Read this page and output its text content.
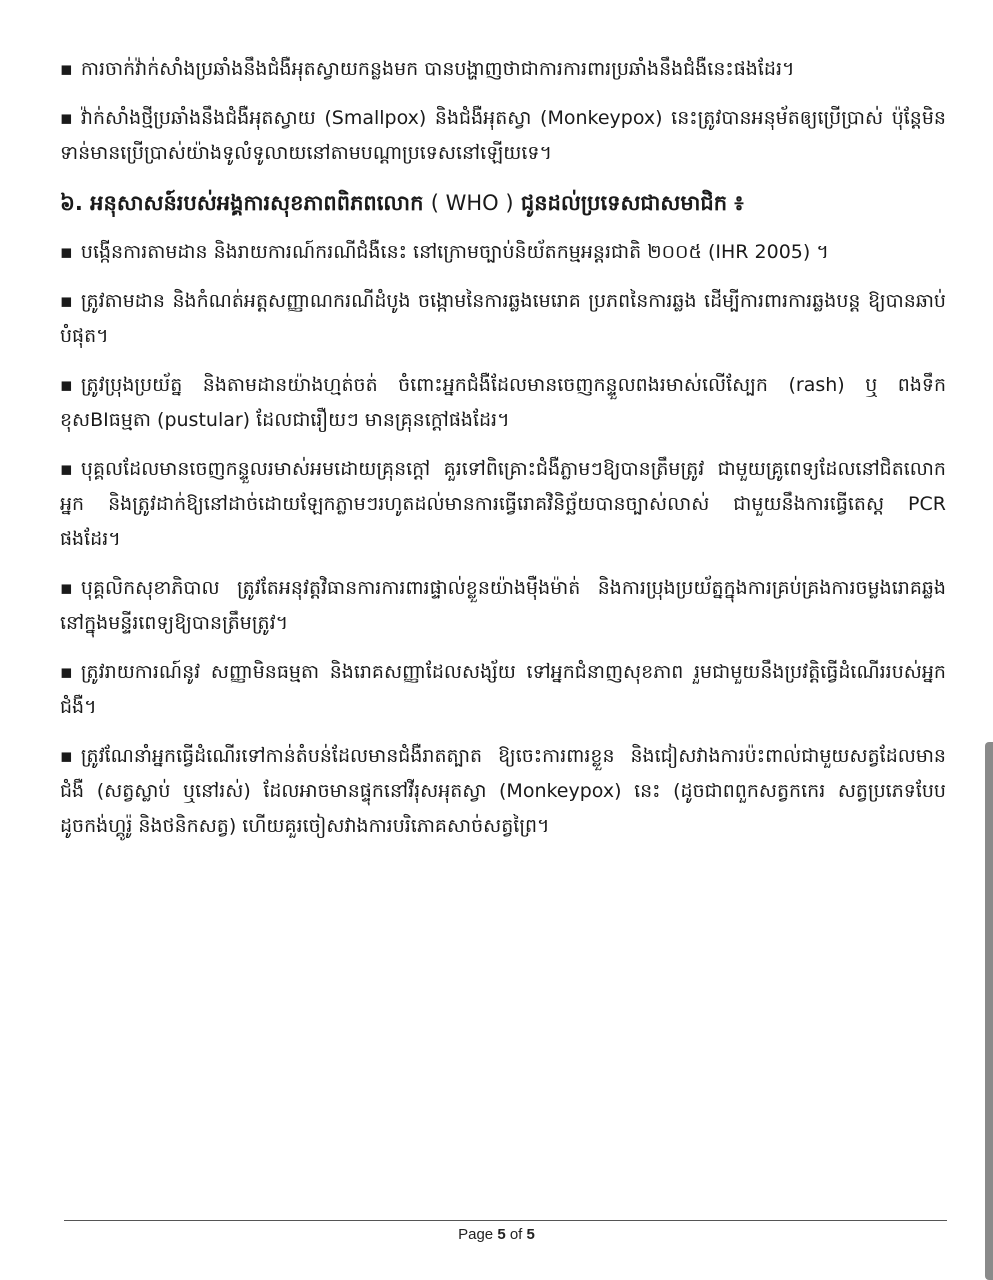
▪ ការចាក់វ៉ាក់សាំងប្រឆាំងនឹងជំងឺអុតស្វាយកន្លងមក បានបង្ហាញថាជាការការពារប្រឆាំងនឹងជំងឺនេះផងដែរ។

▪ វ៉ាក់សាំងថ្មីប្រឆាំងនឹងជំងឺអុតស្វាយ (Smallpox) និងជំងឺអុតស្វា (Monkeypox) នេះត្រូវបានអនុម័តឲ្យប្រើប្រាស់ ប៉ុន្តែមិនទាន់មានប្រើប្រាស់យ៉ាងទូលំទូលាយនៅតាមបណ្តាប្រទេសនៅឡើយទេ។

៦. អនុសាសន៍របស់អង្គការសុខភាពពិភពលោក ( WHO ) ជូនដល់ប្រទេសជាសមាជិក ៖

▪ បង្កើនការតាមដាន និងរាយការណ៍ករណីជំងឺនេះ នៅក្រោមច្បាប់និយ័តកម្មអន្តរជាតិ ២០០៥ (IHR 2005) ។

▪ ត្រូវតាមដាន និងកំណត់អត្តសញ្ញាណករណីដំបូង ចង្កោមនៃការឆ្លងមេរោគ ប្រភពនៃការឆ្លង ដើម្បីការពារការឆ្លងបន្ត ឱ្យបានឆាប់បំផុត។

▪ ត្រូវប្រុងប្រយ័ត្ន និងតាមដានយ៉ាងហ្មត់ចត់ ចំពោះអ្នកជំងឺដែលមានចេញកន្ទួលពងរមាស់លើស្បែក (rash) ឬ ពងទឹកខុសBIធម្មតា (pustular) ដែលជារឿយៗ មានគ្រុនក្តៅផងដែរ។

▪ បុគ្គលដែលមានចេញកន្ទួលរមាស់អមដោយគ្រុនក្តៅ គួរទៅពិគ្រោះជំងឺភ្លាមៗឱ្យបានត្រឹមត្រូវ ជាមួយគ្រូពេទ្យដែលនៅជិតលោកអ្នក និងត្រូវដាក់ឱ្យនៅដាច់ដោយឡែកភ្លាមៗរហូតដល់មានការធ្វើរោគវិនិច្ឆ័យបានច្បាស់លាស់ ជាមួយនឹងការធ្វើតេស្ត PCR ផងដែរ។

▪ បុគ្គលិកសុខាភិបាល ត្រូវតែអនុវត្តវិធានការការពារផ្ទាល់ខ្លួនយ៉ាងម៉ឺងម៉ាត់ និងការប្រុងប្រយ័ត្នក្នុងការគ្រប់គ្រងការចម្លងរោគឆ្លងនៅក្នុងមន្ទីរពេទ្យឱ្យបានត្រឹមត្រូវ។

▪ ត្រូវរាយការណ៍នូវ សញ្ញាមិនធម្មតា និងរោគសញ្ញាដែលសង្ស័យ ទៅអ្នកជំនាញសុខភាព រួមជាមួយនឹងប្រវត្តិធ្វើដំណើររបស់អ្នកជំងឺ។

▪ ត្រូវណែនាំអ្នកធ្វើដំណើរទៅកាន់តំបន់ដែលមានជំងឺរាតត្បាត ឱ្យចេះការពារខ្លួន និងជៀសវាងការប៉ះពាល់ជាមួយសត្វដែលមានជំងឺ (សត្វស្លាប់ ឬនៅរស់) ដែលអាចមានផ្ទុកនៅវីរុសអុតស្វា (Monkeypox) នេះ (ដូចជាពពួកសត្វកកេរ សត្វប្រភេទបែបដូចកង់ហ្គូរ៉ូ និងថនិកសត្វ) ហើយគួរចៀសវាងការបរិភោគសាច់សត្វព្រៃ។

Page 5 of 5
